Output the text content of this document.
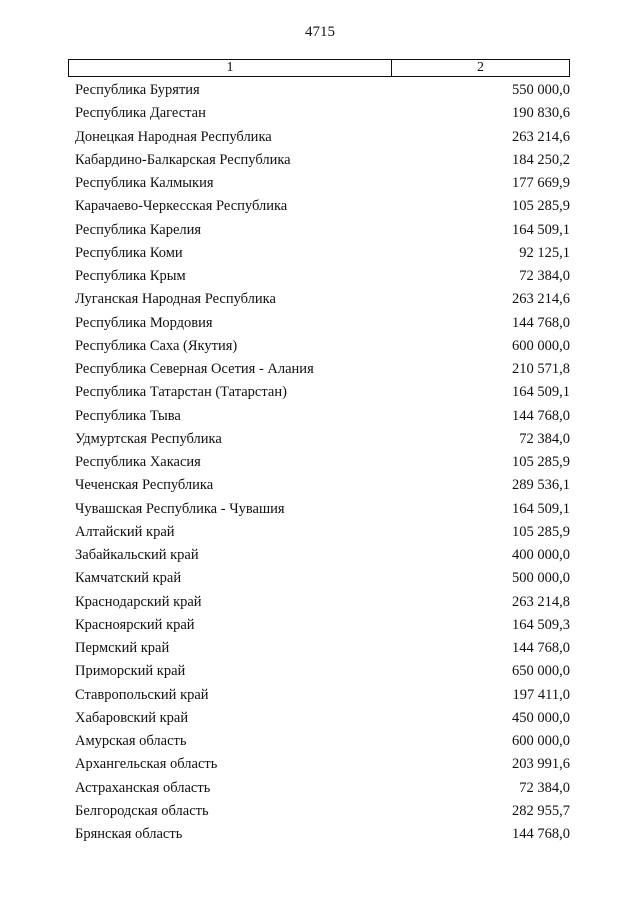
4715
1	2
Республика Бурятия	550 000,0
Республика Дагестан	190 830,6
Донецкая Народная Республика	263 214,6
Кабардино-Балкарская Республика	184 250,2
Республика Калмыкия	177 669,9
Карачаево-Черкесская Республика	105 285,9
Республика Карелия	164 509,1
Республика Коми	92 125,1
Республика Крым	72 384,0
Луганская Народная Республика	263 214,6
Республика Мордовия	144 768,0
Республика Саха (Якутия)	600 000,0
Республика Северная Осетия - Алания	210 571,8
Республика Татарстан (Татарстан)	164 509,1
Республика Тыва	144 768,0
Удмуртская Республика	72 384,0
Республика Хакасия	105 285,9
Чеченская Республика	289 536,1
Чувашская Республика - Чувашия	164 509,1
Алтайский край	105 285,9
Забайкальский край	400 000,0
Камчатский край	500 000,0
Краснодарский край	263 214,8
Красноярский край	164 509,3
Пермский край	144 768,0
Приморский край	650 000,0
Ставропольский край	197 411,0
Хабаровский край	450 000,0
Амурская область	600 000,0
Архангельская область	203 991,6
Астраханская область	72 384,0
Белгородская область	282 955,7
Брянская область	144 768,0
